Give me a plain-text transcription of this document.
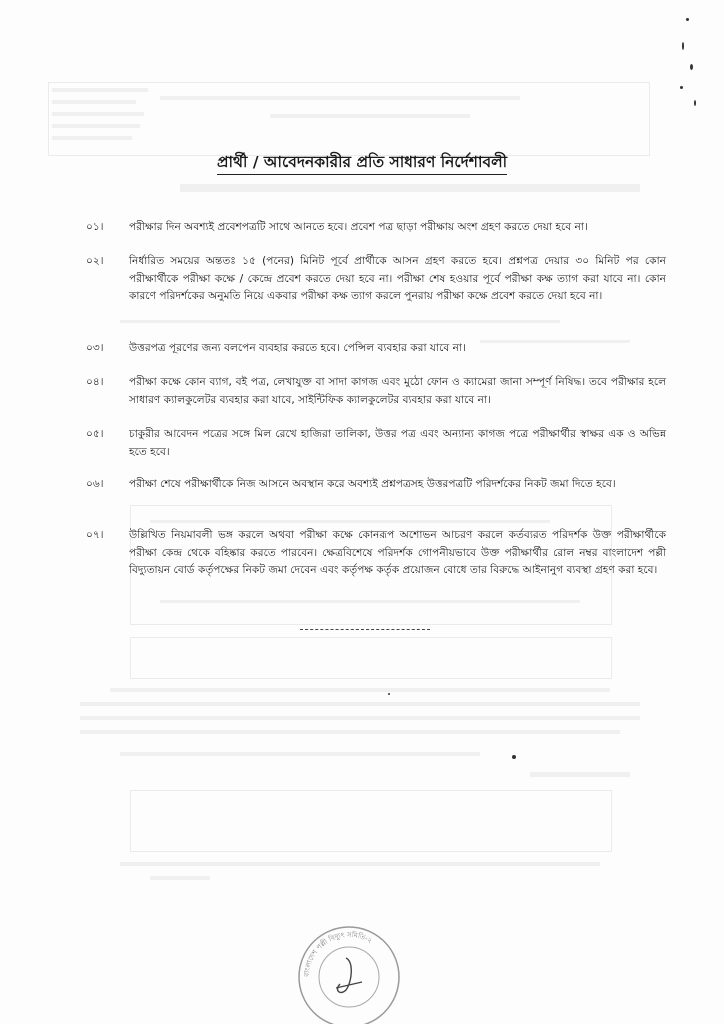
প্রার্থী / আবেদনকারীর প্রতি সাধারণ নির্দেশাবলী
০১।	পরীক্ষার দিন অবশ্যই প্রবেশপত্রটি সাথে আনতে হবে। প্রবেশ পত্র ছাড়া পরীক্ষায় অংশ গ্রহণ করতে দেয়া হবে না।
০২।	নির্ধারিত সময়ের অন্ততঃ ১৫ (পনের) মিনিট পূর্বে প্রার্থীকে আসন গ্রহণ করতে হবে। প্রশ্নপত্র দেয়ার ৩০ মিনিট পর কোন পরীক্ষার্থীকে পরীক্ষা কক্ষে / কেন্দ্রে প্রবেশ করতে দেয়া হবে না। পরীক্ষা শেষ হওয়ার পূর্বে পরীক্ষা কক্ষ ত্যাগ করা যাবে না। কোন কারণে পরিদর্শকের অনুমতি নিয়ে একবার পরীক্ষা কক্ষ ত্যাগ করলে পুনরায় পরীক্ষা কক্ষে প্রবেশ করতে দেয়া হবে না।
০৩।	উত্তরপত্র পূরণের জন্য বলপেন ব্যবহার করতে হবে। পেন্সিল ব্যবহার করা যাবে না।
০৪।	পরীক্ষা কক্ষে কোন ব্যাগ, বই পত্র, লেখাযুক্ত বা সাদা কাগজ এবং মুঠো ফোন ও ক্যামেরা জানা সম্পূর্ণ নিষিদ্ধ। তবে পরীক্ষার হলে সাধারণ ক্যালকুলেটর ব্যবহার করা যাবে, সাইন্টিফিক ক্যালকুলেটর ব্যবহার করা যাবে না।
০৫।	চাকুরীর আবেদন পত্রের সঙ্গে মিল রেখে হাজিরা তালিকা, উত্তর পত্র এবং অন্যান্য কাগজ পত্রে পরীক্ষার্থীর স্বাক্ষর এক ও অভিন্ন হতে হবে।
০৬।	পরীক্ষা শেষে পরীক্ষার্থীকে নিজ আসনে অবস্থান করে অবশ্যই প্রশ্নপত্রসহ উত্তরপত্রটি পরিদর্শকের নিকট জমা দিতে হবে।
০৭।	উল্লিখিত নিয়মাবলী ভঙ্গ করলে অথবা পরীক্ষা কক্ষে কোনরূপ অশোভন আচরণ করলে কর্তব্যরত পরিদর্শক উক্ত পরীক্ষার্থীকে পরীক্ষা কেন্দ্র থেকে বহিষ্কার করতে পারবেন। ক্ষেত্রবিশেষে পরিদর্শক গোপনীয়ভাবে উক্ত পরীক্ষার্থীর রোল নম্বর বাংলাদেশ পল্লী বিদ্যুতায়ন বোর্ড কর্তৃপক্ষের নিকট জমা দেবেন এবং কর্তৃপক্ষ কর্তৃক প্রয়োজন বোধে তার বিরুদ্ধে আইনানুগ ব্যবস্থা গ্রহণ করা হবে।
বাংলাদেশ পল্লী বিদ্যুৎ সমিতি-২
